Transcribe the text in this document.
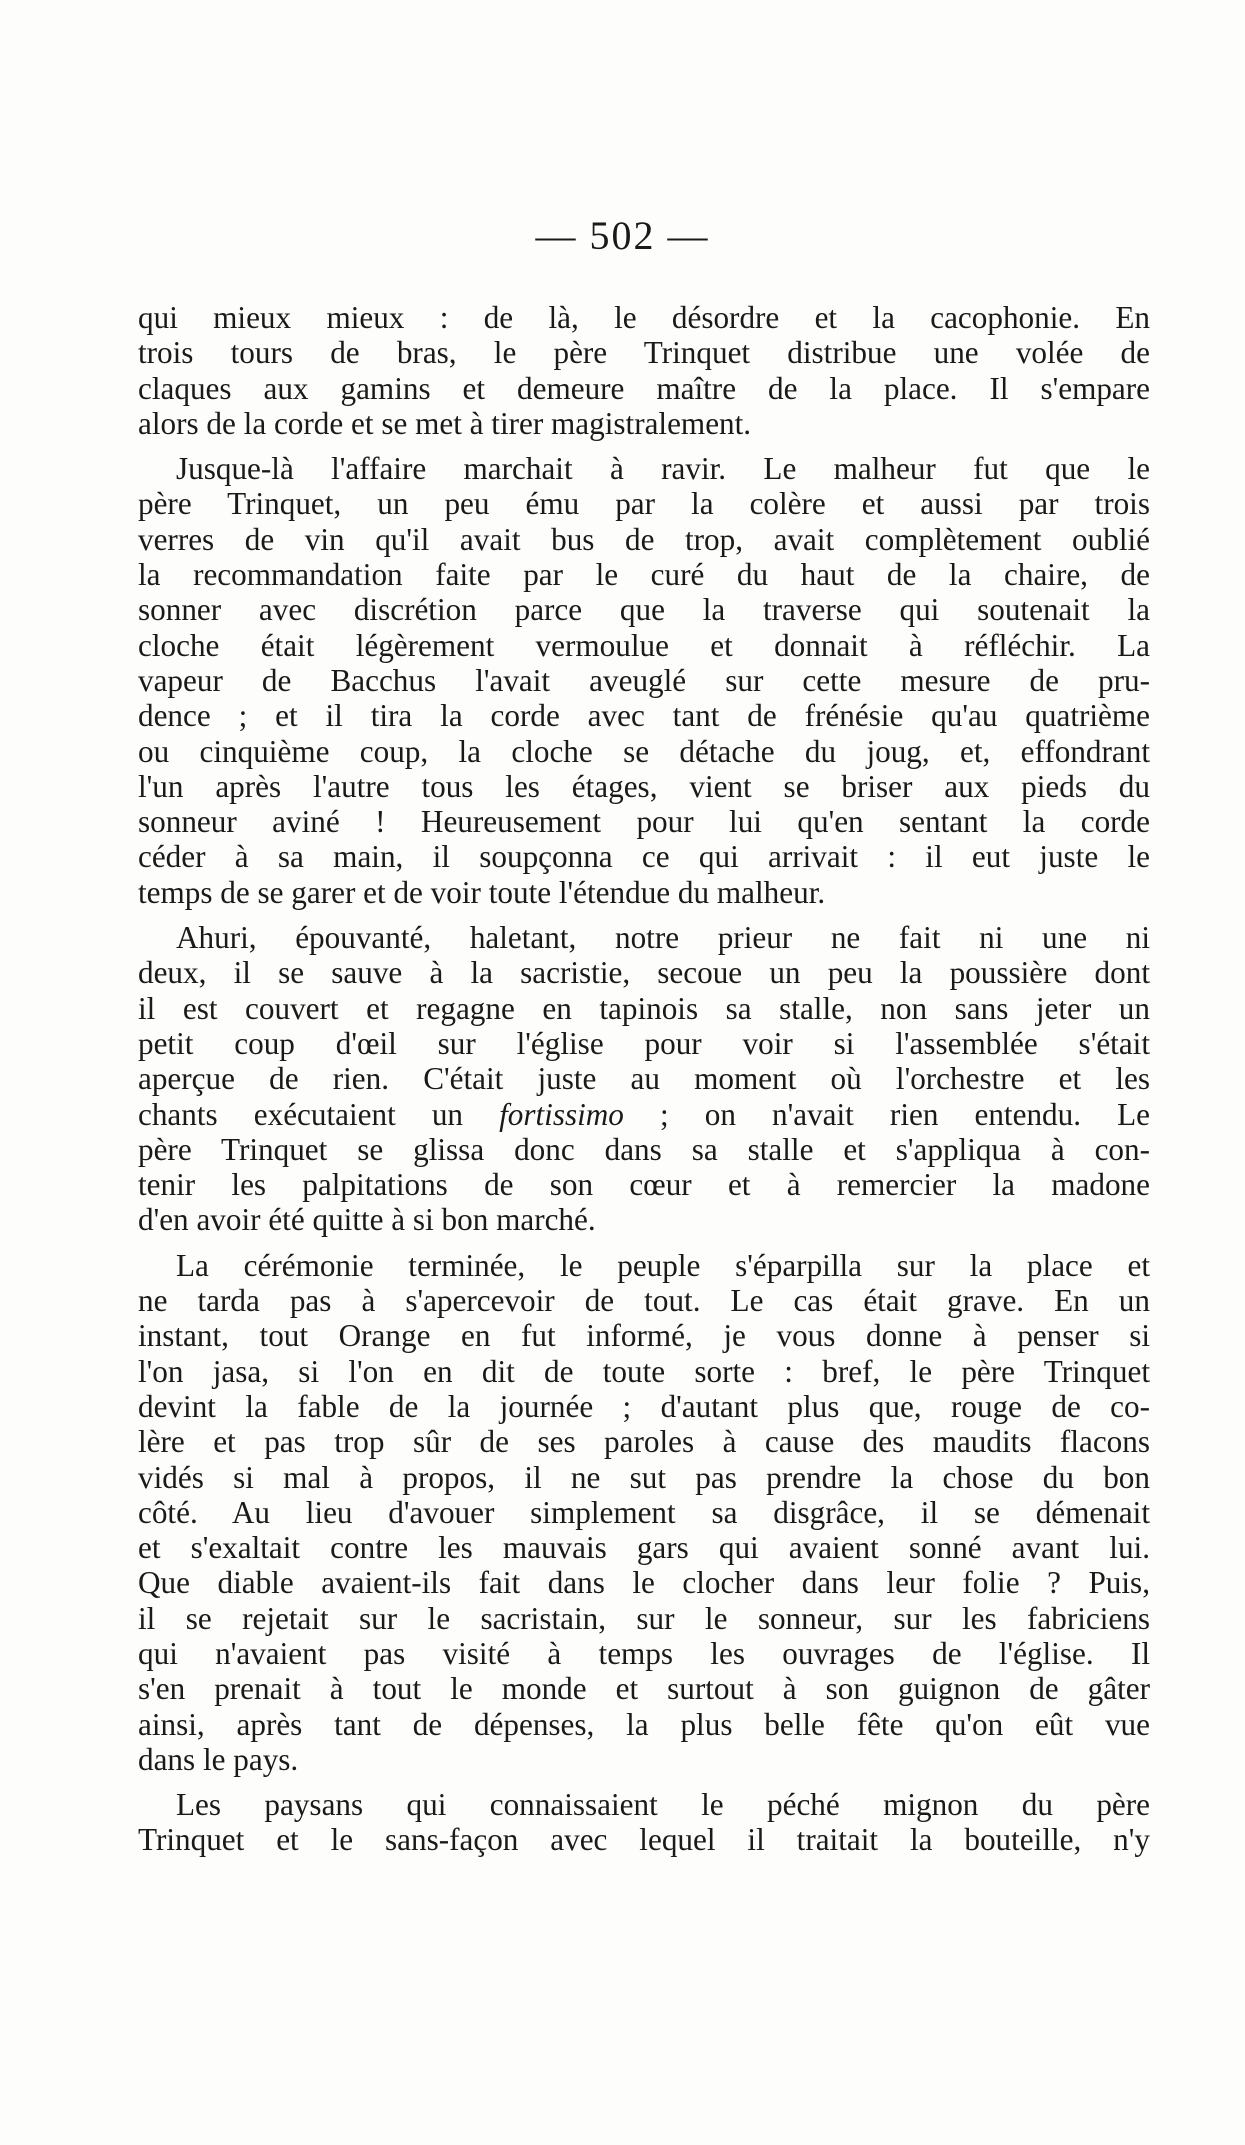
— 502 —
qui mieux mieux : de là, le désordre et la cacophonie. En
trois tours de bras, le père Trinquet distribue une volée de
claques aux gamins et demeure maître de la place. Il s'empare
alors de la corde et se met à tirer magistralement.
Jusque-là l'affaire marchait à ravir. Le malheur fut que le
père Trinquet, un peu ému par la colère et aussi par trois
verres de vin qu'il avait bus de trop, avait complètement oublié
la recommandation faite par le curé du haut de la chaire, de
sonner avec discrétion parce que la traverse qui soutenait la
cloche était légèrement vermoulue et donnait à réfléchir. La
vapeur de Bacchus l'avait aveuglé sur cette mesure de pru-
dence ; et il tira la corde avec tant de frénésie qu'au quatrième
ou cinquième coup, la cloche se détache du joug, et, effondrant
l'un après l'autre tous les étages, vient se briser aux pieds du
sonneur aviné ! Heureusement pour lui qu'en sentant la corde
céder à sa main, il soupçonna ce qui arrivait : il eut juste le
temps de se garer et de voir toute l'étendue du malheur.
Ahuri, épouvanté, haletant, notre prieur ne fait ni une ni
deux, il se sauve à la sacristie, secoue un peu la poussière dont
il est couvert et regagne en tapinois sa stalle, non sans jeter un
petit coup d'œil sur l'église pour voir si l'assemblée s'était
aperçue de rien. C'était juste au moment où l'orchestre et les
chants exécutaient un fortissimo ; on n'avait rien entendu. Le
père Trinquet se glissa donc dans sa stalle et s'appliqua à con-
tenir les palpitations de son cœur et à remercier la madone
d'en avoir été quitte à si bon marché.
La cérémonie terminée, le peuple s'éparpilla sur la place et
ne tarda pas à s'apercevoir de tout. Le cas était grave. En un
instant, tout Orange en fut informé, je vous donne à penser si
l'on jasa, si l'on en dit de toute sorte : bref, le père Trinquet
devint la fable de la journée ; d'autant plus que, rouge de co-
lère et pas trop sûr de ses paroles à cause des maudits flacons
vidés si mal à propos, il ne sut pas prendre la chose du bon
côté. Au lieu d'avouer simplement sa disgrâce, il se démenait
et s'exaltait contre les mauvais gars qui avaient sonné avant lui.
Que diable avaient-ils fait dans le clocher dans leur folie ? Puis,
il se rejetait sur le sacristain, sur le sonneur, sur les fabriciens
qui n'avaient pas visité à temps les ouvrages de l'église. Il
s'en prenait à tout le monde et surtout à son guignon de gâter
ainsi, après tant de dépenses, la plus belle fête qu'on eût vue
dans le pays.
Les paysans qui connaissaient le péché mignon du père
Trinquet et le sans-façon avec lequel il traitait la bouteille, n'y
